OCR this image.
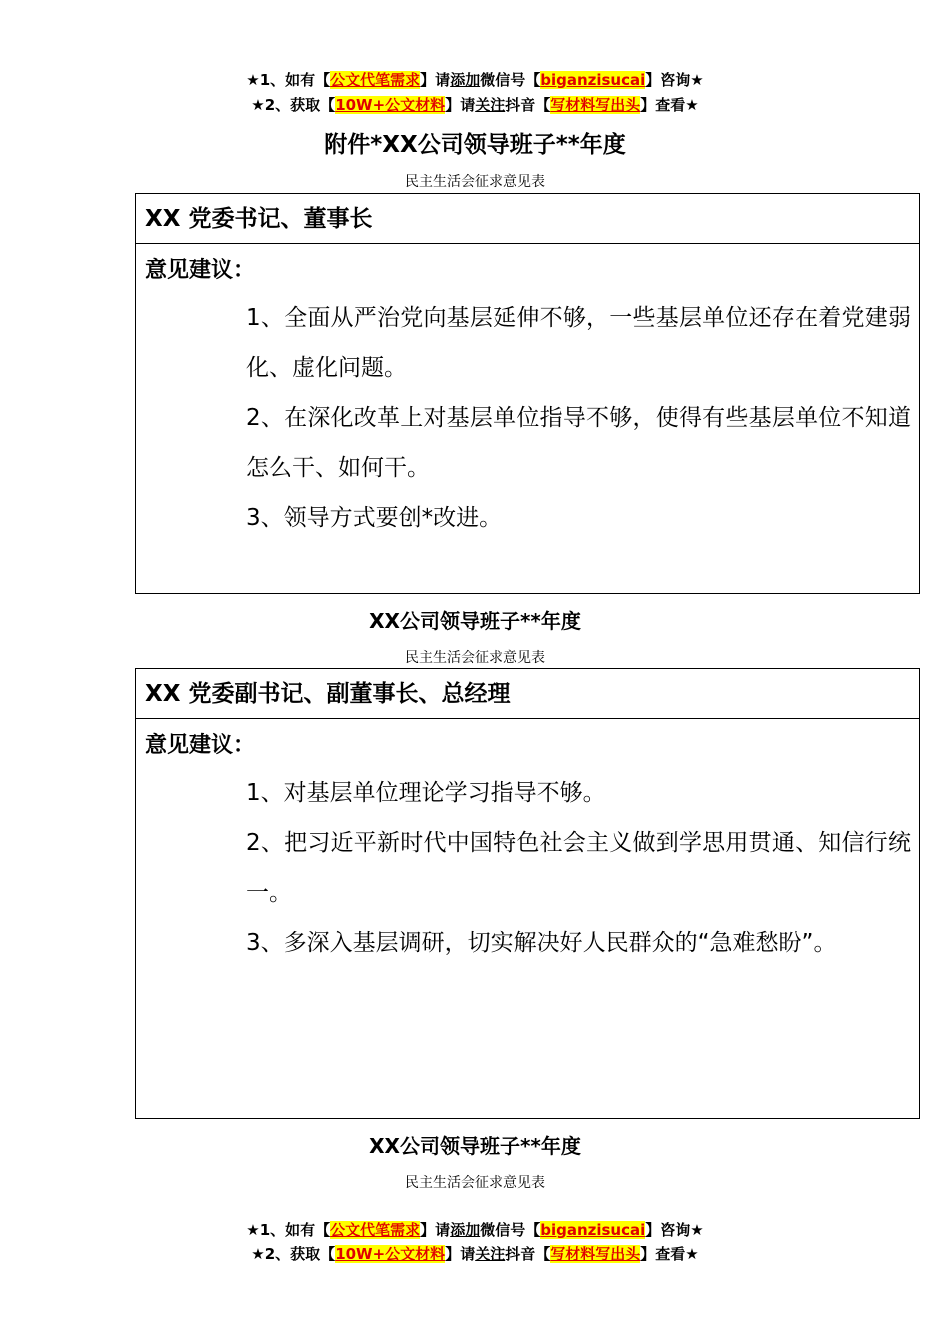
★1、如有【公文代笔需求】请添加微信号【biganzisucai】咨询★
★2、获取【10W+公文材料】请关注抖音【写材料写出头】查看★
附件*XX公司领导班子**年度
民主生活会征求意见表
XX 党委书记、董事长
意见建议：

1、全面从严治党向基层延伸不够，一些基层单位还存在着党建弱化、虚化问题。

2、在深化改革上对基层单位指导不够，使得有些基层单位不知道怎么干、如何干。

3、领导方式要创*改进。

XX公司领导班子**年度
民主生活会征求意见表
XX 党委副书记、副董事长、总经理
意见建议：

1、对基层单位理论学习指导不够。

2、把习近平新时代中国特色社会主义做到学思用贯通、知信行统一。

3、多深入基层调研，切实解决好人民群众的“急难愁盼”。

XX公司领导班子**年度
民主生活会征求意见表
★1、如有【公文代笔需求】请添加微信号【biganzisucai】咨询★
★2、获取【10W+公文材料】请关注抖音【写材料写出头】查看★
